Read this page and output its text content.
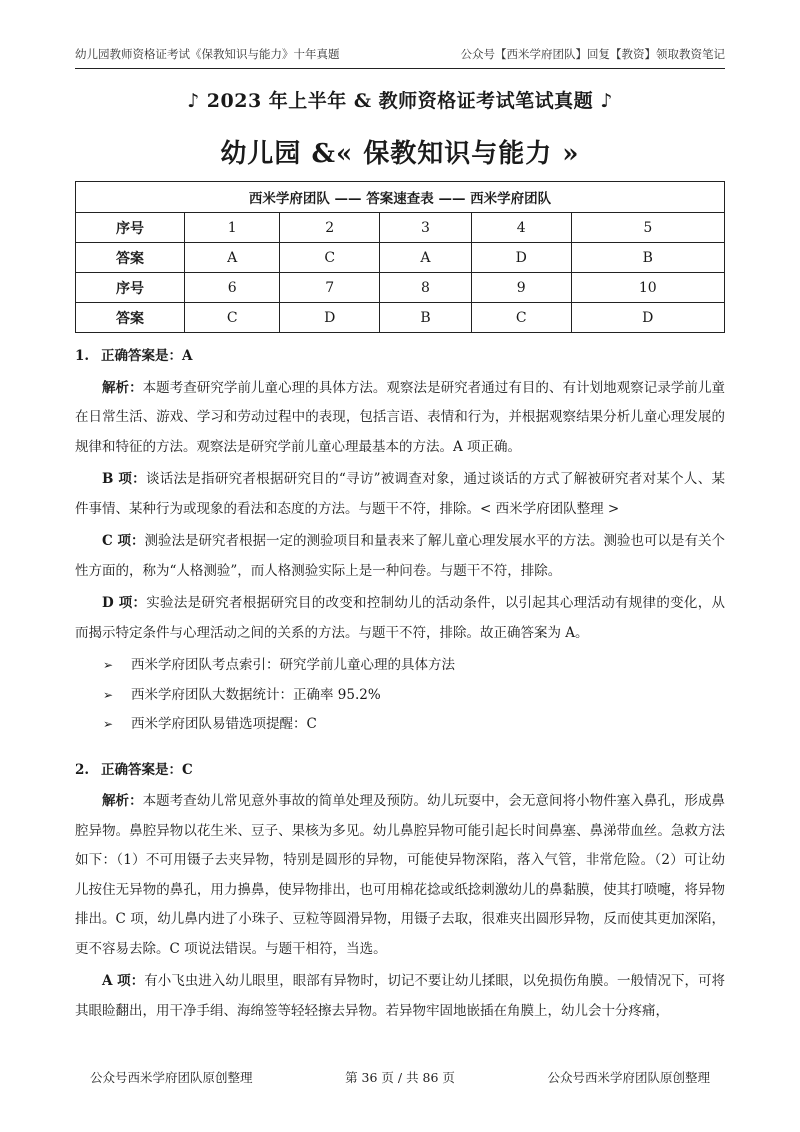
幼儿园教师资格证考试《保教知识与能力》十年真题	公众号【西米学府团队】回复【教资】领取教资笔记
♪ 2023 年上半年 & 教师资格证考试笔试真题 ♪
幼儿园 &« 保教知识与能力 »
西米学府团队 —— 答案速查表 —— 西米学府团队					
序号	1	2	3	4	5
答案	A	C	A	D	B
序号	6	7	8	9	10
答案	C	D	B	C	D
1. 正确答案是：A

解析：本题考查研究学前儿童心理的具体方法。观察法是研究者通过有目的、有计划地观察记录学前儿童在日常生活、游戏、学习和劳动过程中的表现，包括言语、表情和行为，并根据观察结果分析儿童心理发展的规律和特征的方法。观察法是研究学前儿童心理最基本的方法。A 项正确。

B 项：谈话法是指研究者根据研究目的“寻访”被调查对象，通过谈话的方式了解被研究者对某个人、某件事情、某种行为或现象的看法和态度的方法。与题干不符，排除。< 西米学府团队整理 >

C 项：测验法是研究者根据一定的测验项目和量表来了解儿童心理发展水平的方法。测验也可以是有关个性方面的，称为“人格测验”，而人格测验实际上是一种问卷。与题干不符，排除。

D 项：实验法是研究者根据研究目的改变和控制幼儿的活动条件，以引起其心理活动有规律的变化，从而揭示特定条件与心理活动之间的关系的方法。与题干不符，排除。故正确答案为 A。

➢ 西米学府团队考点索引：研究学前儿童心理的具体方法

➢ 西米学府团队大数据统计：正确率 95.2%

➢ 西米学府团队易错选项提醒：C

2. 正确答案是：C

解析：本题考查幼儿常见意外事故的简单处理及预防。幼儿玩耍中，会无意间将小物件塞入鼻孔，形成鼻腔异物。鼻腔异物以花生米、豆子、果核为多见。幼儿鼻腔异物可能引起长时间鼻塞、鼻涕带血丝。急救方法如下：（1）不可用镊子去夹异物，特别是圆形的异物，可能使异物深陷，落入气管，非常危险。（2）可让幼儿按住无异物的鼻孔，用力擤鼻，使异物排出，也可用棉花捻或纸捻刺激幼儿的鼻黏膜，使其打喷嚏，将异物排出。C 项，幼儿鼻内进了小珠子、豆粒等圆滑异物，用镊子去取，很难夹出圆形异物，反而使其更加深陷，更不容易去除。C 项说法错误。与题干相符，当选。

A 项：有小飞虫进入幼儿眼里，眼部有异物时，切记不要让幼儿揉眼，以免损伤角膜。一般情况下，可将其眼睑翻出，用干净手绢、海绵签等轻轻擦去异物。若异物牢固地嵌插在角膜上，幼儿会十分疼痛，

公众号西米学府团队原创整理	第 36 页 / 共 86 页	公众号西米学府团队原创整理
